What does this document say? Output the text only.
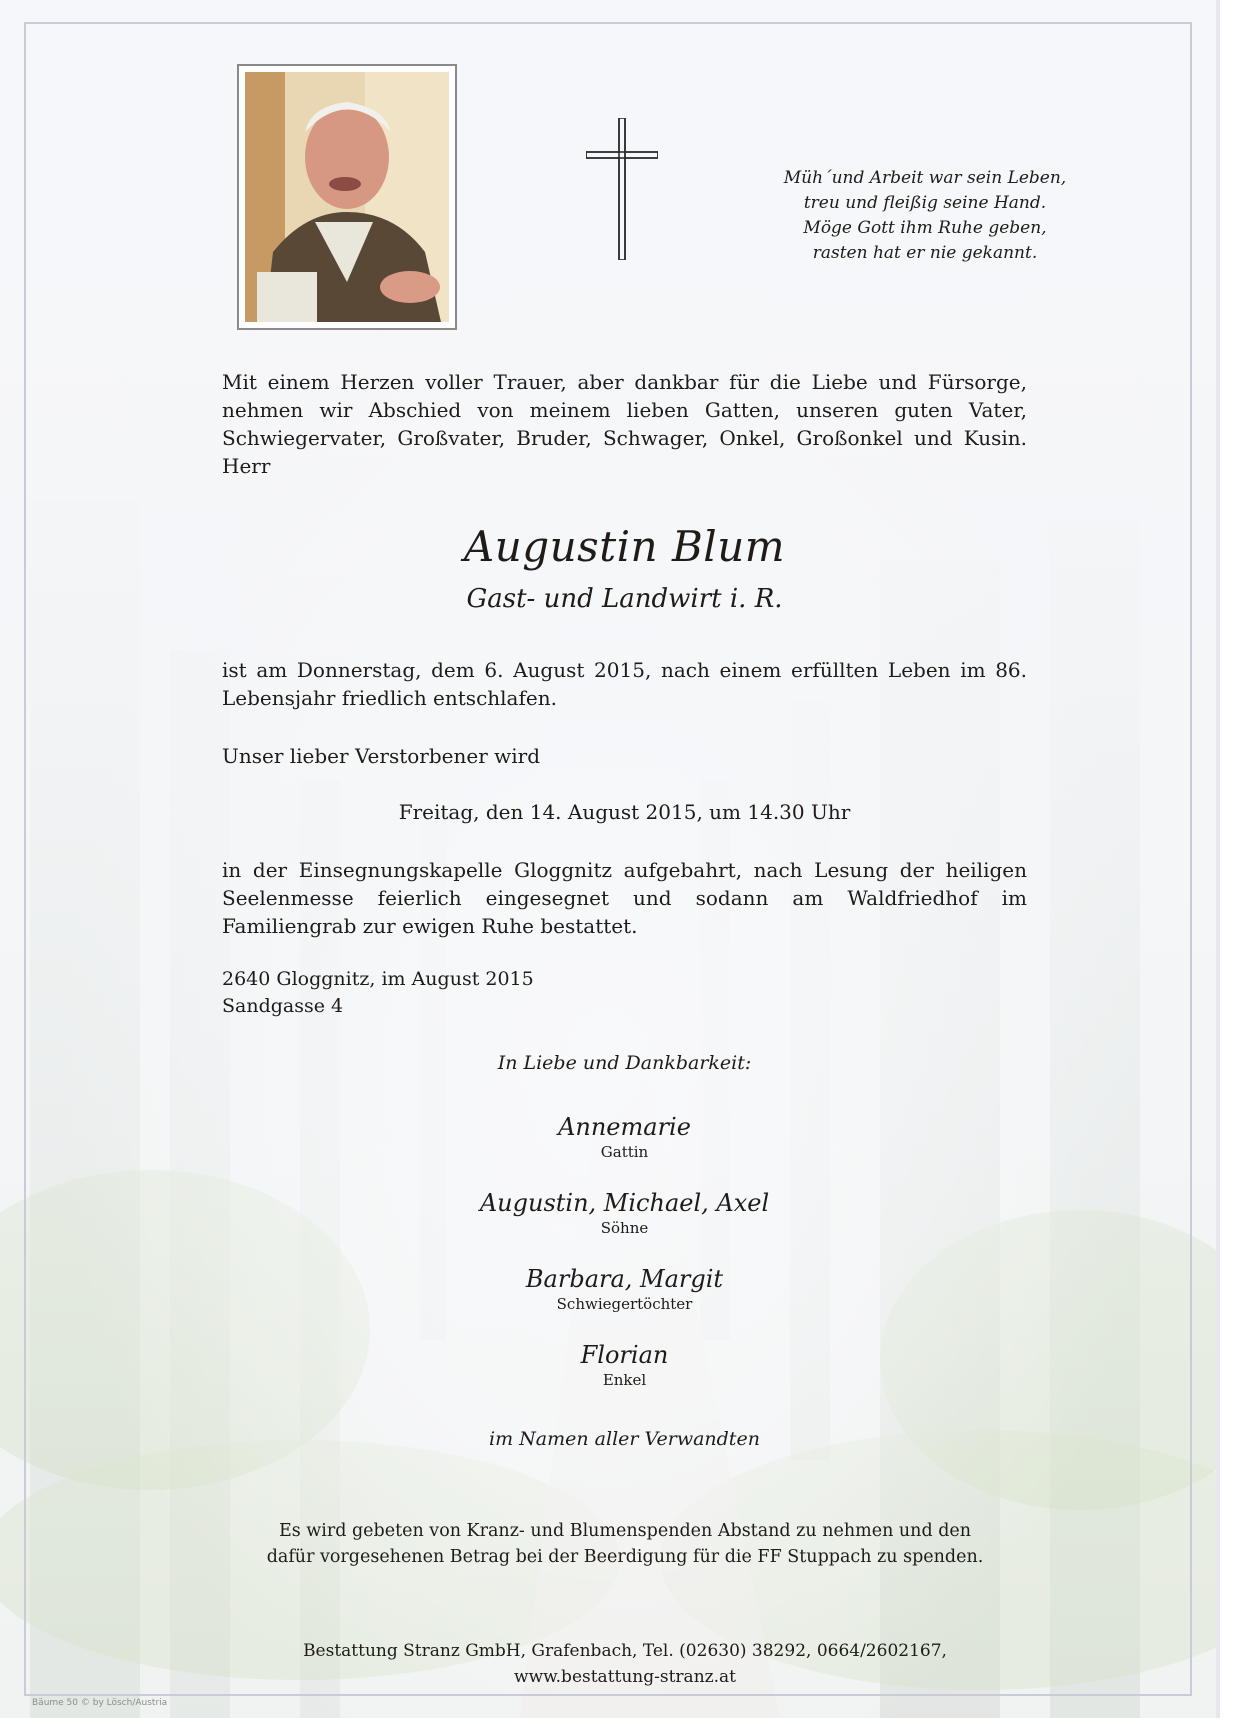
Müh´und Arbeit war sein Leben,
treu und fleißig seine Hand.
Möge Gott ihm Ruhe geben,
rasten hat er nie gekannt.
Mit einem Herzen voller Trauer, aber dankbar für die Liebe und Fürsorge, nehmen wir Abschied von meinem lieben Gatten, unseren guten Vater, Schwiegervater, Großvater, Bruder, Schwager, Onkel, Großonkel und Kusin. Herr
Augustin Blum
Gast- und Landwirt i. R.
ist am Donnerstag, dem 6. August 2015, nach einem erfüllten Leben im 86. Lebensjahr friedlich entschlafen.
Unser lieber Verstorbener wird
Freitag, den 14. August 2015, um 14.30 Uhr
in der Einsegnungskapelle Gloggnitz aufgebahrt, nach Lesung der heiligen Seelenmesse feierlich eingesegnet und sodann am Waldfriedhof im Familiengrab zur ewigen Ruhe bestattet.
2640 Gloggnitz, im August 2015
Sandgasse 4
In Liebe und Dankbarkeit:
Annemarie
Gattin
Augustin, Michael, Axel
Söhne
Barbara, Margit
Schwiegertöchter
Florian
Enkel
im Namen aller Verwandten
Es wird gebeten von Kranz- und Blumenspenden Abstand zu nehmen und den
dafür vorgesehenen Betrag bei der Beerdigung für die FF Stuppach zu spenden.
Bestattung Stranz GmbH, Grafenbach, Tel. (02630) 38292, 0664/2602167,
www.bestattung-stranz.at
Bäume 50 © by Lösch/Austria
